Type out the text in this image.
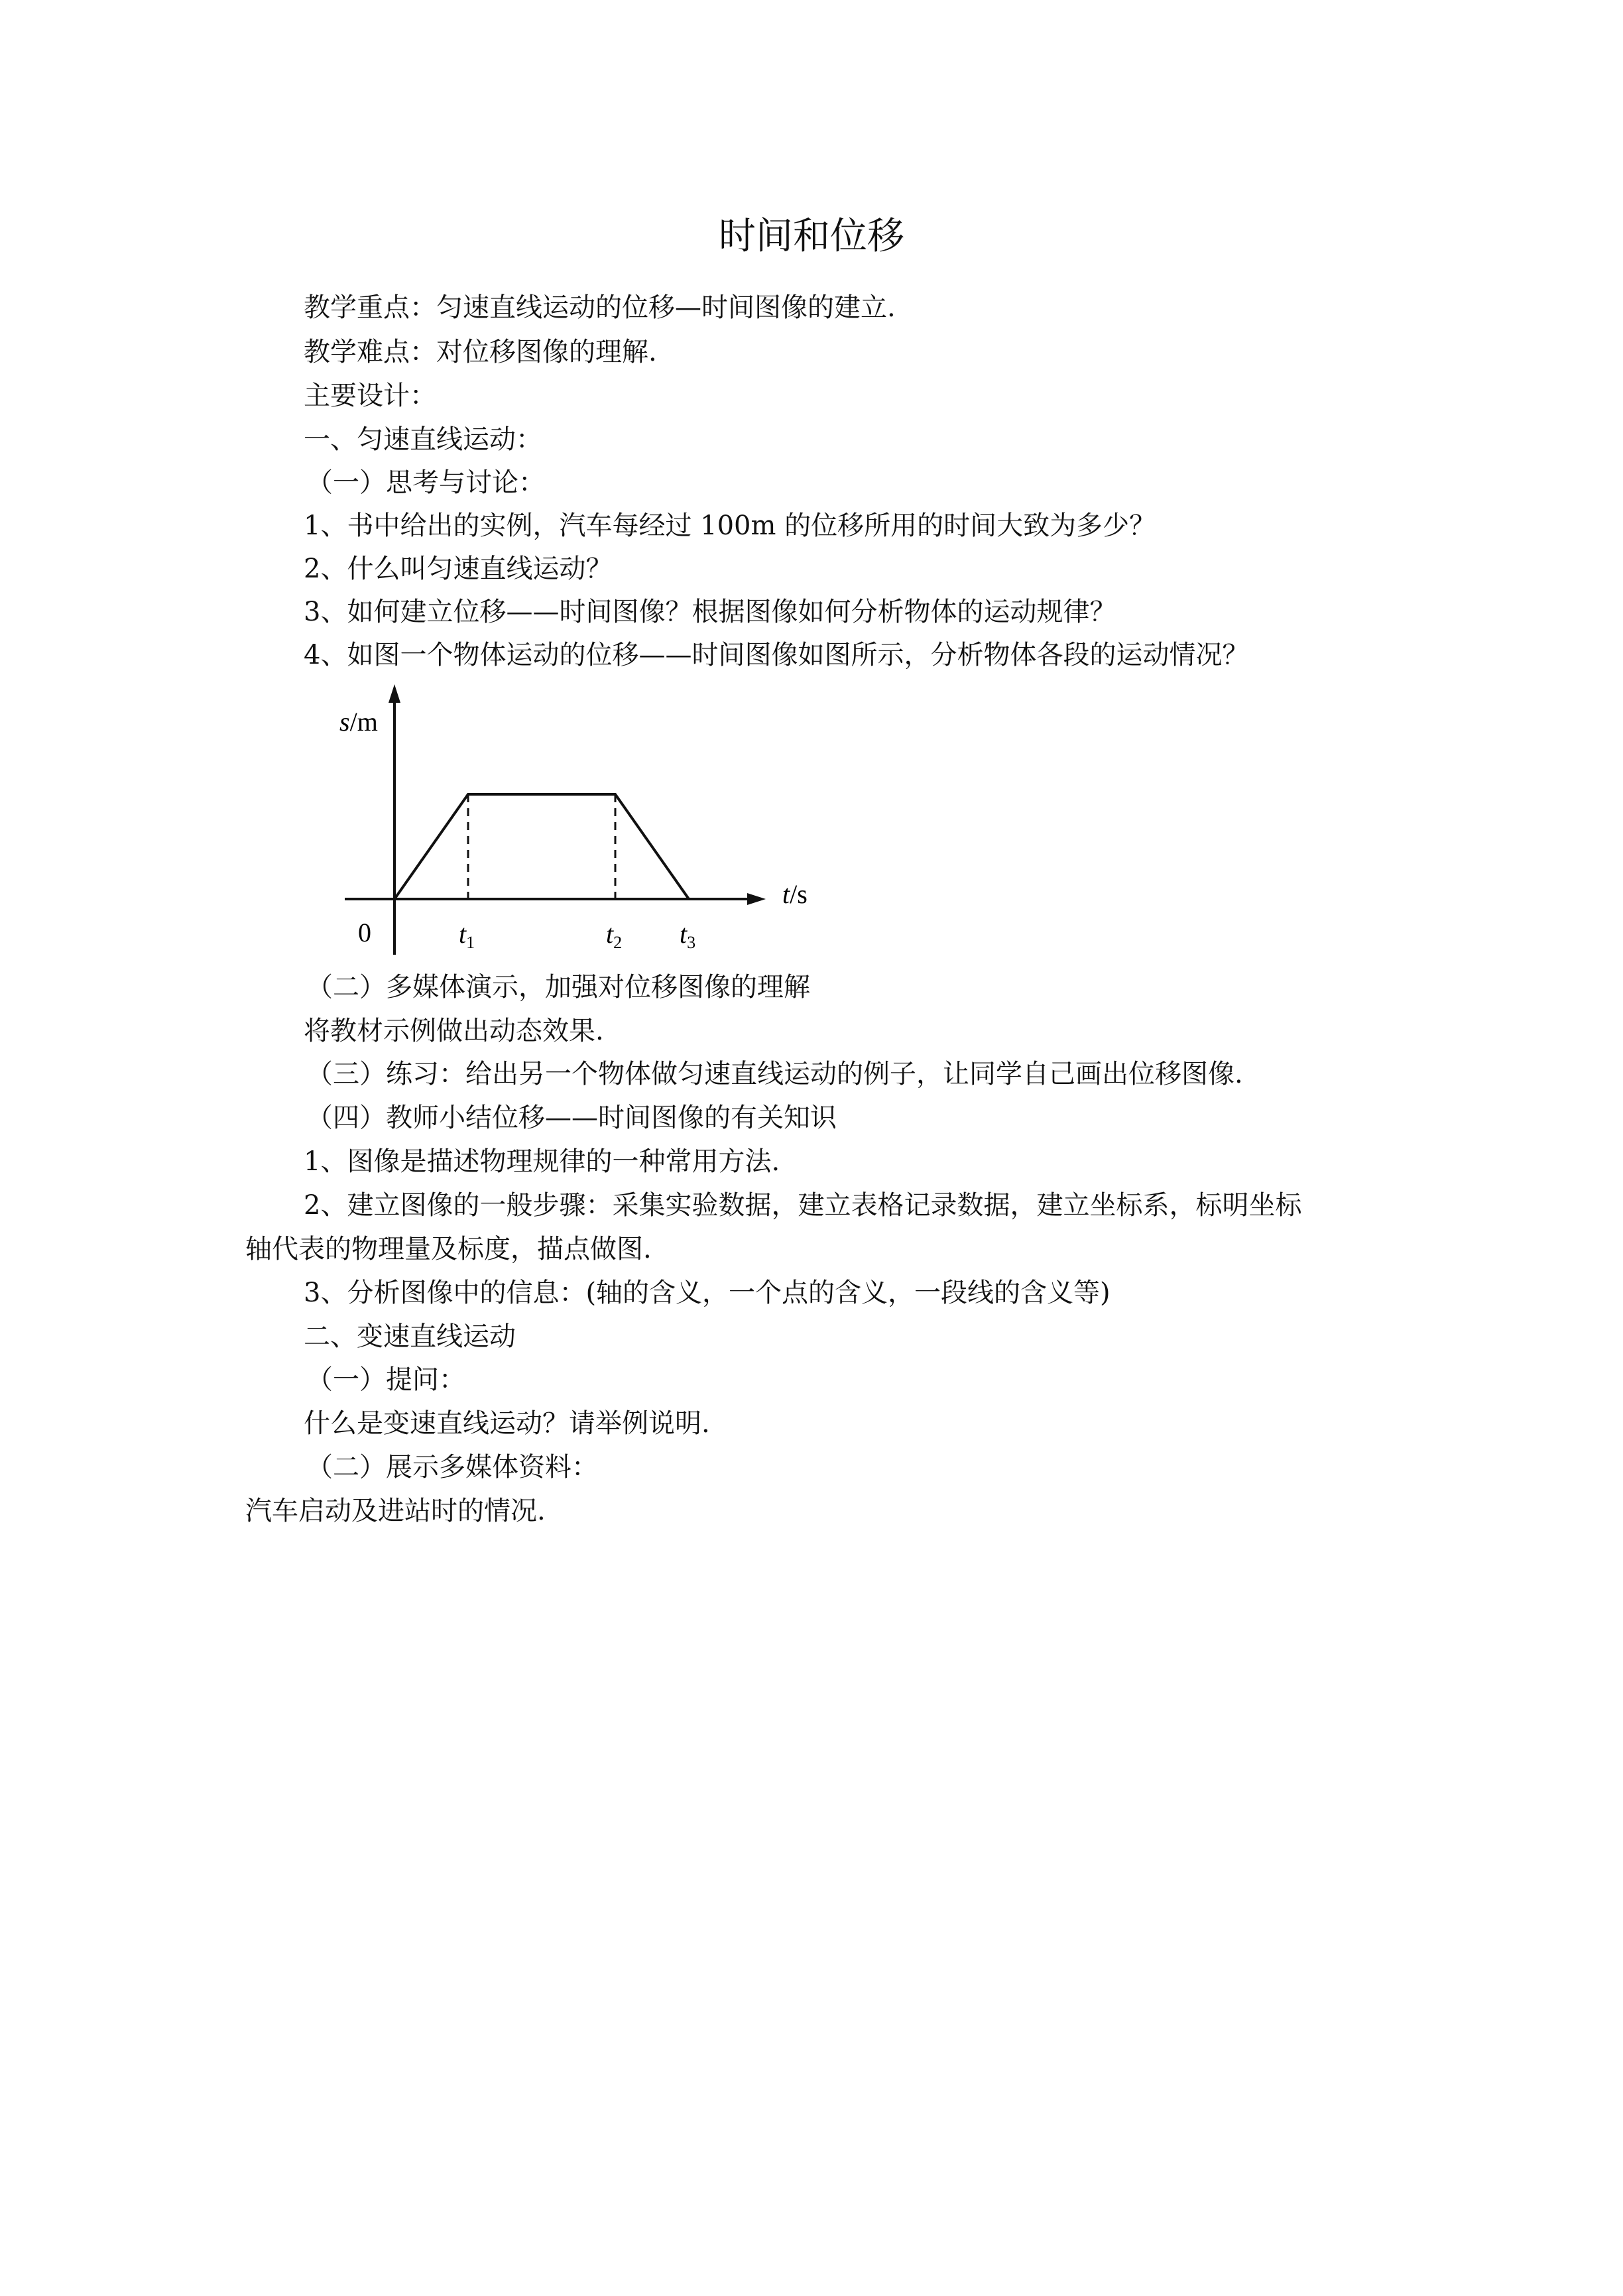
时间和位移
教学重点：匀速直线运动的位移—时间图像的建立.
教学难点：对位移图像的理解.
主要设计：
一、匀速直线运动：
（一）思考与讨论：
1、书中给出的实例，汽车每经过 100m 的位移所用的时间大致为多少？
2、什么叫匀速直线运动？
3、如何建立位移——时间图像？根据图像如何分析物体的运动规律？
4、如图一个物体运动的位移——时间图像如图所示，分析物体各段的运动情况？
s/m
t/s
0	$t_1$	$t_2$ $t_3$
（二）多媒体演示，加强对位移图像的理解
将教材示例做出动态效果.
（三）练习：给出另一个物体做匀速直线运动的例子，让同学自己画出位移图像.
（四）教师小结位移——时间图像的有关知识
1、图像是描述物理规律的一种常用方法.
2、建立图像的一般步骤：采集实验数据，建立表格记录数据，建立坐标系，标明坐标
轴代表的物理量及标度，描点做图.
3、分析图像中的信息：(轴的含义，一个点的含义，一段线的含义等)
二、变速直线运动
（一）提问：
什么是变速直线运动？请举例说明.
（二）展示多媒体资料：
汽车启动及进站时的情况.
